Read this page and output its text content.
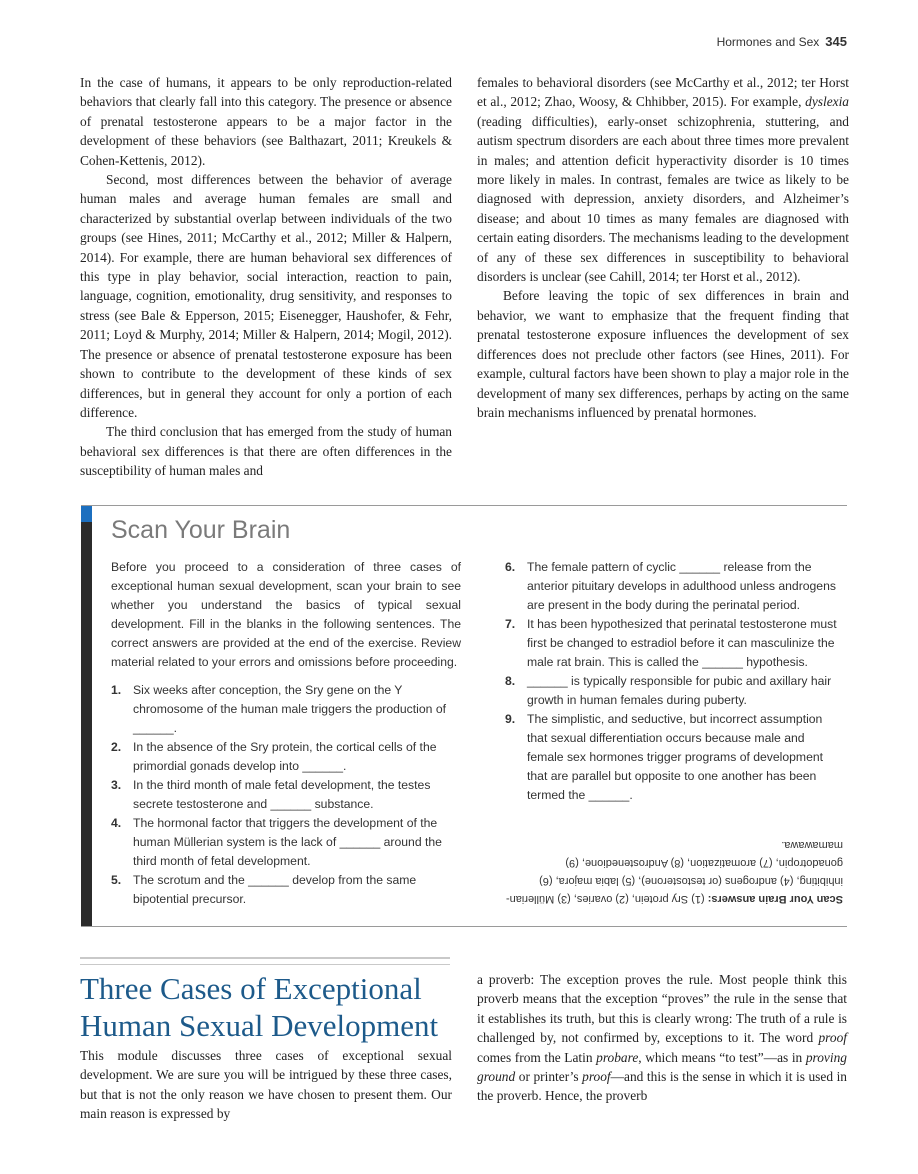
Hormones and Sex 345

In the case of humans, it appears to be only reproduction-related behaviors that clearly fall into this category. The presence or absence of prenatal testosterone appears to be a major factor in the development of these behaviors (see Balthazart, 2011; Kreukels & Cohen-Kettenis, 2012).

Second, most differences between the behavior of average human males and average human females are small and characterized by substantial overlap between individuals of the two groups (see Hines, 2011; McCarthy et al., 2012; Miller & Halpern, 2014). For example, there are human behavioral sex differences of this type in play behavior, social interaction, reaction to pain, language, cognition, emotionality, drug sensitivity, and responses to stress (see Bale & Epperson, 2015; Eisenegger, Haushofer, & Fehr, 2011; Loyd & Murphy, 2014; Miller & Halpern, 2014; Mogil, 2012). The presence or absence of prenatal testosterone exposure has been shown to contribute to the development of these kinds of sex differences, but in general they account for only a portion of each difference.

The third conclusion that has emerged from the study of human behavioral sex differences is that there are often differences in the susceptibility of human males and

females to behavioral disorders (see McCarthy et al., 2012; ter Horst et al., 2012; Zhao, Woosy, & Chhibber, 2015). For example, dyslexia (reading difficulties), early-onset schizophrenia, stuttering, and autism spectrum disorders are each about three times more prevalent in males; and attention deficit hyperactivity disorder is 10 times more likely in males. In contrast, females are twice as likely to be diagnosed with depression, anxiety disorders, and Alzheimer’s disease; and about 10 times as many females are diagnosed with certain eating disorders. The mechanisms leading to the development of any of these sex differences in susceptibility to behavioral disorders is unclear (see Cahill, 2014; ter Horst et al., 2012).

Before leaving the topic of sex differences in brain and behavior, we want to emphasize that the frequent finding that prenatal testosterone exposure influences the development of sex differences does not preclude other factors (see Hines, 2011). For example, cultural factors have been shown to play a major role in the development of many sex differences, perhaps by acting on the same brain mechanisms influenced by prenatal hormones.

Scan Your Brain

Before you proceed to a consideration of three cases of exceptional human sexual development, scan your brain to see whether you understand the basics of typical sexual development. Fill in the blanks in the following sentences. The correct answers are provided at the end of the exercise. Review material related to your errors and omissions before proceeding.

1. Six weeks after conception, the Sry gene on the Y chromosome of the human male triggers the production of ______.
2. In the absence of the Sry protein, the cortical cells of the primordial gonads develop into ______.
3. In the third month of male fetal development, the testes secrete testosterone and ______ substance.
4. The hormonal factor that triggers the development of the human Müllerian system is the lack of ______ around the third month of fetal development.
5. The scrotum and the ______ develop from the same bipotential precursor.
6. The female pattern of cyclic ______ release from the anterior pituitary develops in adulthood unless androgens are present in the body during the perinatal period.
7. It has been hypothesized that perinatal testosterone must first be changed to estradiol before it can masculinize the male rat brain. This is called the ______ hypothesis.
8. ______ is typically responsible for pubic and axillary hair growth in human females during puberty.
9. The simplistic, and seductive, but incorrect assumption that sexual differentiation occurs because male and female sex hormones trigger programs of development that are parallel but opposite to one another has been termed the ______.
Scan Your Brain answers: (1) Sry protein, (2) ovaries, (3) Müllerian-inhibiting, (4) androgens (or testosterone), (5) labia majora, (6) gonadotropin, (7) aromatization, (8) Androstenedione, (9) mamawawa.
Three Cases of Exceptional Human Sexual Development

This module discusses three cases of exceptional sexual development. We are sure you will be intrigued by these three cases, but that is not the only reason we have chosen to present them. Our main reason is expressed by

a proverb: The exception proves the rule. Most people think this proverb means that the exception “proves” the rule in the sense that it establishes its truth, but this is clearly wrong: The truth of a rule is challenged by, not confirmed by, exceptions to it. The word proof comes from the Latin probare, which means “to test”—as in proving ground or printer’s proof—and this is the sense in which it is used in the proverb. Hence, the proverb
